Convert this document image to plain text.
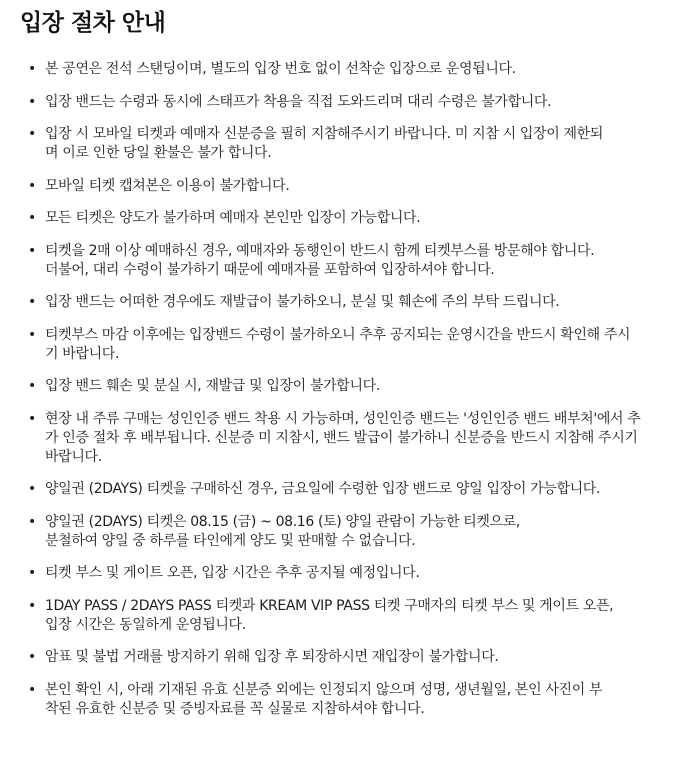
입장 절차 안내
• 본 공연은 전석 스탠딩이며, 별도의 입장 번호 없이 선착순 입장으로 운영됩니다.
• 입장 밴드는 수령과 동시에 스태프가 착용을 직접 도와드리며 대리 수령은 불가합니다.
• 입장 시 모바일 티켓과 예매자 신분증을 필히 지참해주시기 바랍니다. 미 지참 시 입장이 제한되
며 이로 인한 당일 환불은 불가 합니다.
• 모바일 티켓 캡쳐본은 이용이 불가합니다.
• 모든 티켓은 양도가 불가하며 예매자 본인만 입장이 가능합니다.
• 티켓을 2매 이상 예매하신 경우, 예매자와 동행인이 반드시 함께 티켓부스를 방문해야 합니다.
더불어, 대리 수령이 불가하기 때문에 예매자를 포함하여 입장하셔야 합니다.
• 입장 밴드는 어떠한 경우에도 재발급이 불가하오니, 분실 및 훼손에 주의 부탁 드립니다.
• 티켓부스 마감 이후에는 입장밴드 수령이 불가하오니 추후 공지되는 운영시간을 반드시 확인해 주시
기 바랍니다.
• 입장 밴드 훼손 및 분실 시, 재발급 및 입장이 불가합니다.
• 현장 내 주류 구매는 성인인증 밴드 착용 시 가능하며, 성인인증 밴드는 '성인인증 밴드 배부처'에서 추
가 인증 절차 후 배부됩니다. 신분증 미 지참시, 밴드 발급이 불가하니 신분증을 반드시 지참해 주시기
바랍니다.
• 양일권 (2DAYS) 티켓을 구매하신 경우, 금요일에 수령한 입장 밴드로 양일 입장이 가능합니다.
• 양일권 (2DAYS) 티켓은 08.15 (금) ~ 08.16 (토) 양일 관람이 가능한 티켓으로,
분철하여 양일 중 하루를 타인에게 양도 및 판매할 수 없습니다.
• 티켓 부스 및 게이트 오픈, 입장 시간은 추후 공지될 예정입니다.
• 1DAY PASS / 2DAYS PASS 티켓과 KREAM VIP PASS 티켓 구매자의 티켓 부스 및 게이트 오픈,
입장 시간은 동일하게 운영됩니다.
• 암표 및 불법 거래를 방지하기 위해 입장 후 퇴장하시면 재입장이 불가합니다.
• 본인 확인 시, 아래 기재된 유효 신분증 외에는 인정되지 않으며 성명, 생년월일, 본인 사진이 부
착된 유효한 신분증 및 증빙자료를 꼭 실물로 지참하셔야 합니다.
